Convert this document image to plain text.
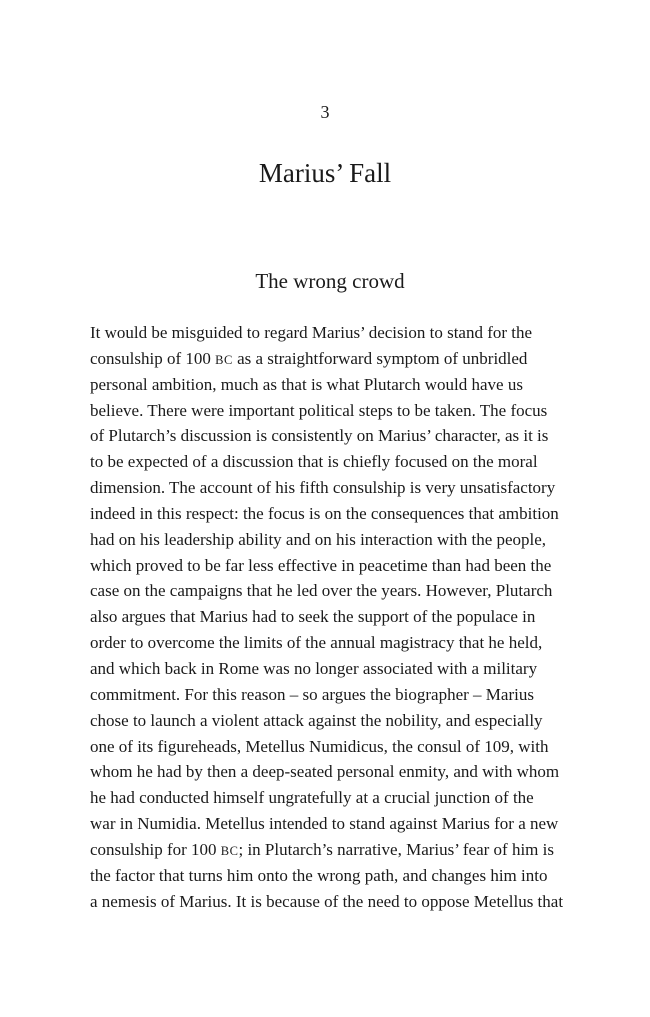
3
Marius’ Fall
The wrong crowd
It would be misguided to regard Marius’ decision to stand for the
consulship of 100 BC as a straightforward symptom of unbridled
personal ambition, much as that is what Plutarch would have us
believe. There were important political steps to be taken. The focus
of Plutarch’s discussion is consistently on Marius’ character, as it is
to be expected of a discussion that is chiefly focused on the moral
dimension. The account of his fifth consulship is very unsatisfactory
indeed in this respect: the focus is on the consequences that ambition
had on his leadership ability and on his interaction with the people,
which proved to be far less effective in peacetime than had been the
case on the campaigns that he led over the years. However, Plutarch
also argues that Marius had to seek the support of the populace in
order to overcome the limits of the annual magistracy that he held,
and which back in Rome was no longer associated with a military
commitment. For this reason – so argues the biographer – Marius
chose to launch a violent attack against the nobility, and especially
one of its figureheads, Metellus Numidicus, the consul of 109, with
whom he had by then a deep-seated personal enmity, and with whom
he had conducted himself ungratefully at a crucial junction of the
war in Numidia. Metellus intended to stand against Marius for a new
consulship for 100 BC; in Plutarch’s narrative, Marius’ fear of him is
the factor that turns him onto the wrong path, and changes him into
a nemesis of Marius. It is because of the need to oppose Metellus that
